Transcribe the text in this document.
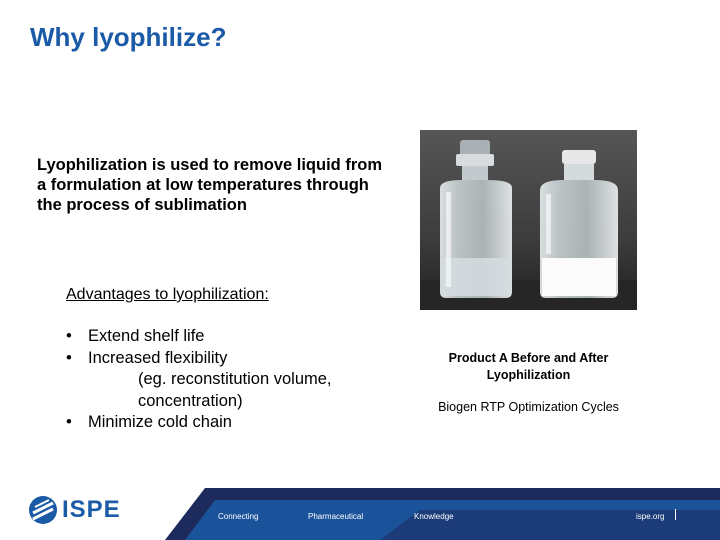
Why lyophilize?
Lyophilization is used to remove liquid from a formulation at low temperatures through the process of sublimation
Advantages to lyophilization:
• Extend shelf life
• Increased flexibility
(eg. reconstitution volume, concentration)
• Minimize cold chain
Product A Before and After Lyophilization
Biogen RTP Optimization Cycles
ISPE	Connecting	Pharmaceutical	Knowledge	ispe.org
